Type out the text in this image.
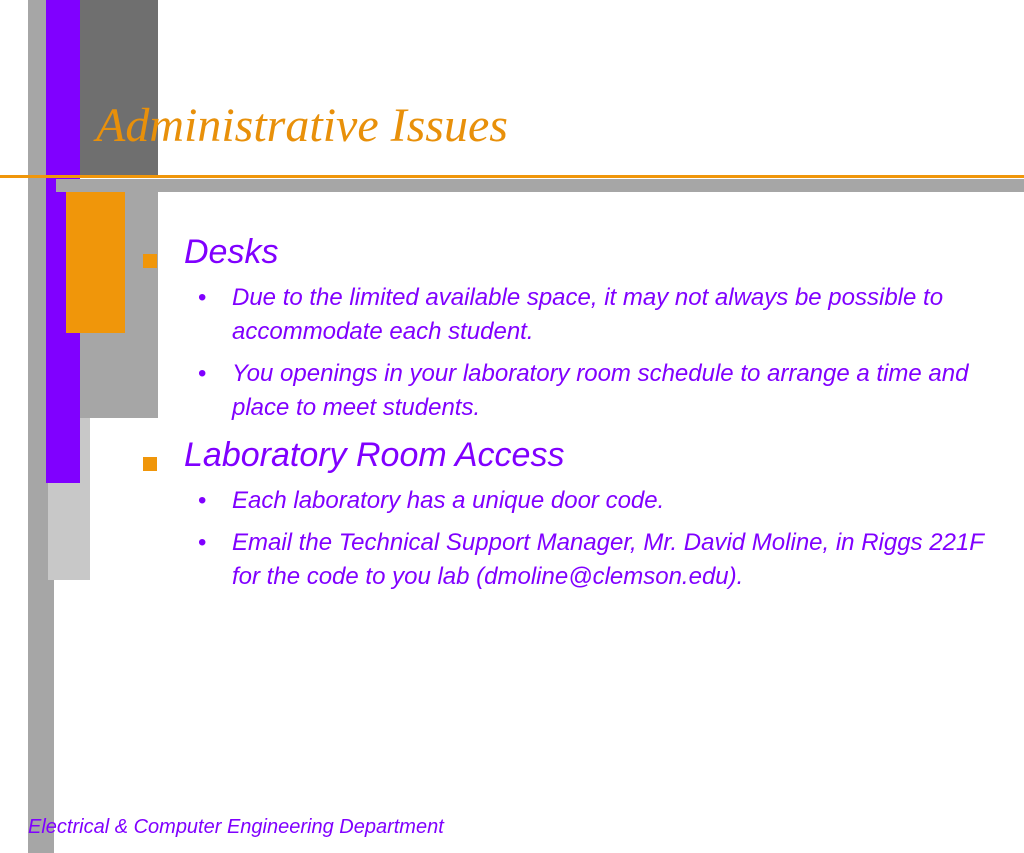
Administrative Issues
Desks
• Due to the limited available space, it may not always be possible to accommodate each student.
• You openings in your laboratory room schedule to arrange a time and place to meet students.
Laboratory Room Access
• Each laboratory has a unique door code.
• Email the Technical Support Manager, Mr. David Moline, in Riggs 221F for the code to you lab (dmoline@clemson.edu).
Electrical & Computer Engineering Department
